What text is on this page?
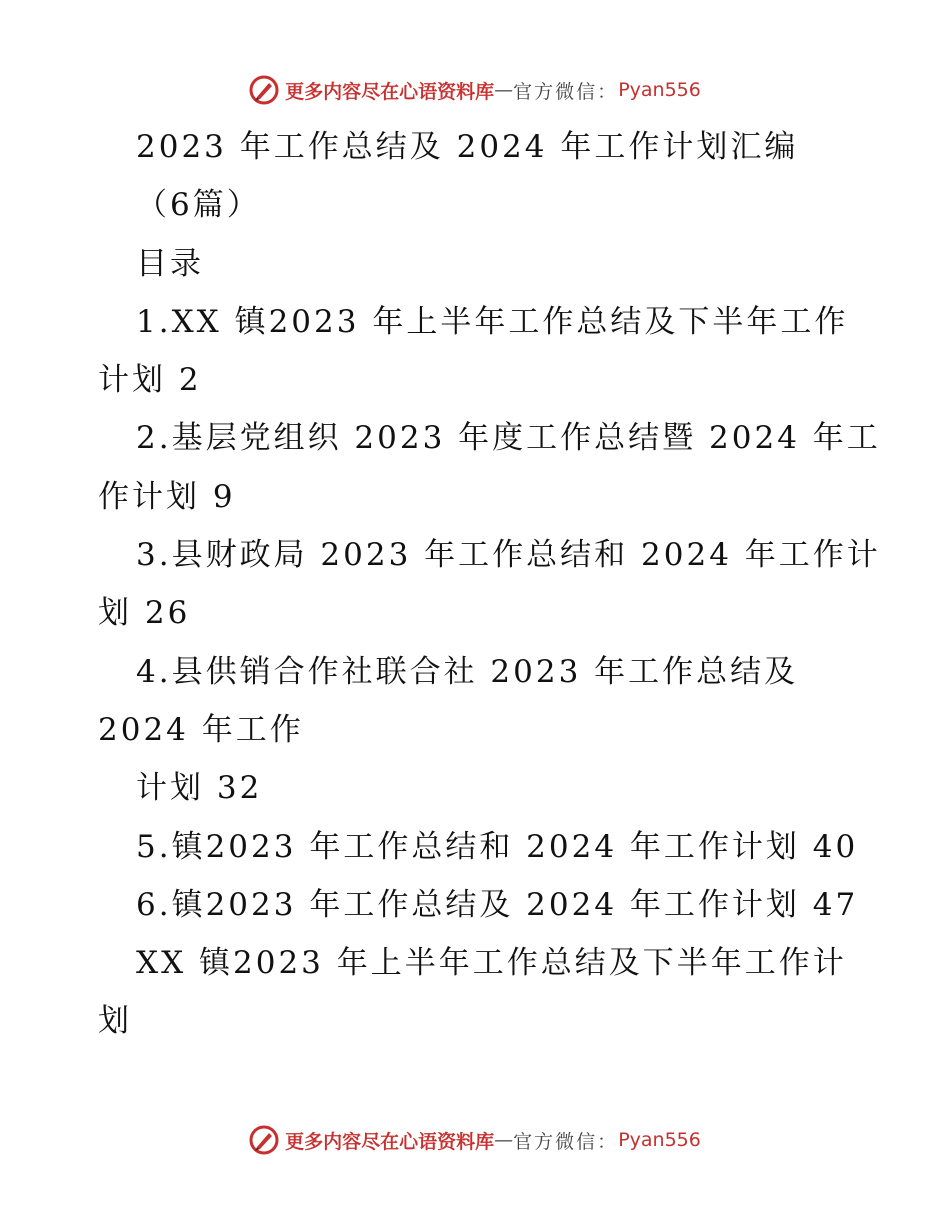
更多内容尽在心语资料库 — 官方微信： Pyan556
2023 年工作总结及 2024 年工作计划汇编
（6篇）
目录
1.XX 镇2023 年上半年工作总结及下半年工作
计划 2
2.基层党组织 2023 年度工作总结暨 2024 年工
作计划 9
3.县财政局 2023 年工作总结和 2024 年工作计
划 26
4.县供销合作社联合社 2023 年工作总结及
2024 年工作
计划 32
5.镇2023 年工作总结和 2024 年工作计划 40
6.镇2023 年工作总结及 2024 年工作计划 47
XX 镇2023 年上半年工作总结及下半年工作计
划
更多内容尽在心语资料库 — 官方微信： Pyan556
